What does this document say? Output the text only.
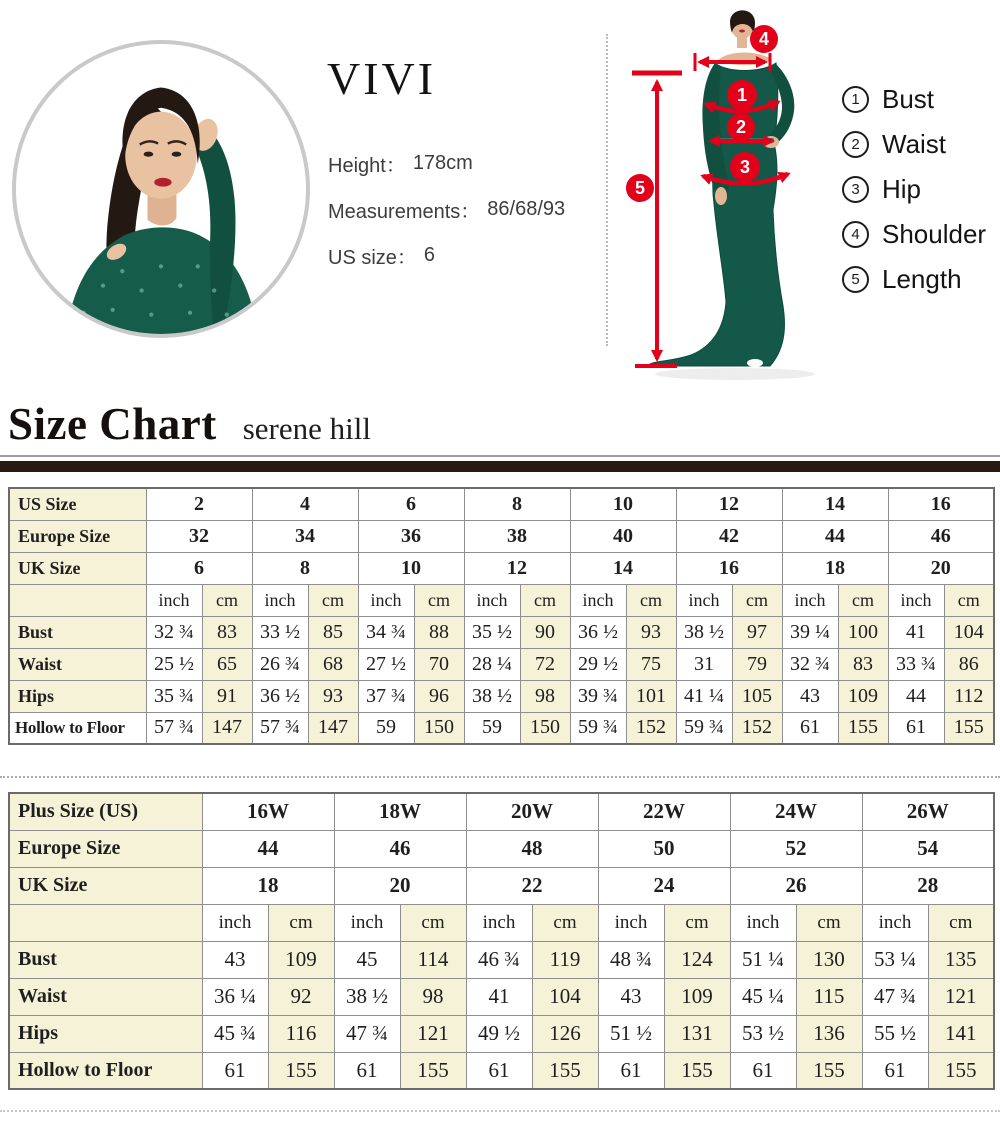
VIVI
Height： 178cm
Measurements： 86/68/93
US size： 6
1
2
3
4
5
1 Bust
2 Waist
3 Hip
4 Shoulder
5 Length
Size Chart serene hill
US Size	2		4		6		8		10		12		14		16	
Europe Size	32		34		36		38		40		42		44		46	
UK Size	6		8		10		12		14		16		18		20	
	inch	cm	inch	cm	inch	cm	inch	cm	inch	cm	inch	cm	inch	cm	inch	cm
Bust	32 ¾	83	33 ½	85	34 ¾	88	35 ½	90	36 ½	93	38 ½	97	39 ¼	100	41	104
Waist	25 ½	65	26 ¾	68	27 ½	70	28 ¼	72	29 ½	75	31	79	32 ¾	83	33 ¾	86
Hips	35 ¾	91	36 ½	93	37 ¾	96	38 ½	98	39 ¾	101	41 ¼	105	43	109	44	112
Hollow to Floor	57 ¾	147	57 ¾	147	59	150	59	150	59 ¾	152	59 ¾	152	61	155	61	155
Plus Size (US)	16W		18W		20W		22W		24W		26W	
Europe Size	44		46		48		50		52		54	
UK Size	18		20		22		24		26		28	
	inch	cm	inch	cm	inch	cm	inch	cm	inch	cm	inch	cm
Bust	43	109	45	114	46 ¾	119	48 ¾	124	51 ¼	130	53 ¼	135
Waist	36 ¼	92	38 ½	98	41	104	43	109	45 ¼	115	47 ¾	121
Hips	45 ¾	116	47 ¾	121	49 ½	126	51 ½	131	53 ½	136	55 ½	141
Hollow to Floor	61	155	61	155	61	155	61	155	61	155	61	155
